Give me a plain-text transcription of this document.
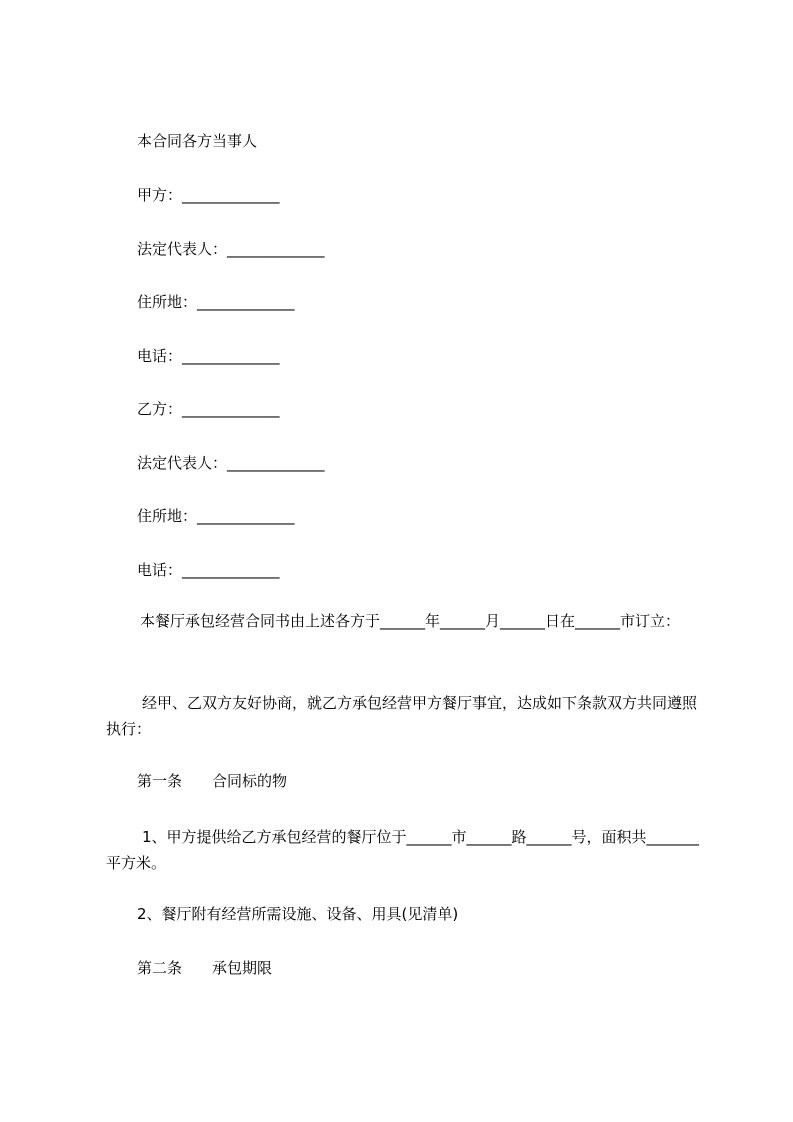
本合同各方当事人
甲方：_____________
法定代表人：_____________
住所地：_____________
电话：_____________
乙方：_____________
法定代表人：_____________
住所地：_____________
电话：_____________
本餐厅承包经营合同书由上述各方于______年______月______日在______市订立：
经甲、乙双方友好协商，就乙方承包经营甲方餐厅事宜，达成如下条款双方共同遵照执行：
第一条　　合同标的物
1、甲方提供给乙方承包经营的餐厅位于______市______路______号，面积共_______平方米。
2、餐厅附有经营所需设施、设备、用具(见清单)
第二条　　承包期限
